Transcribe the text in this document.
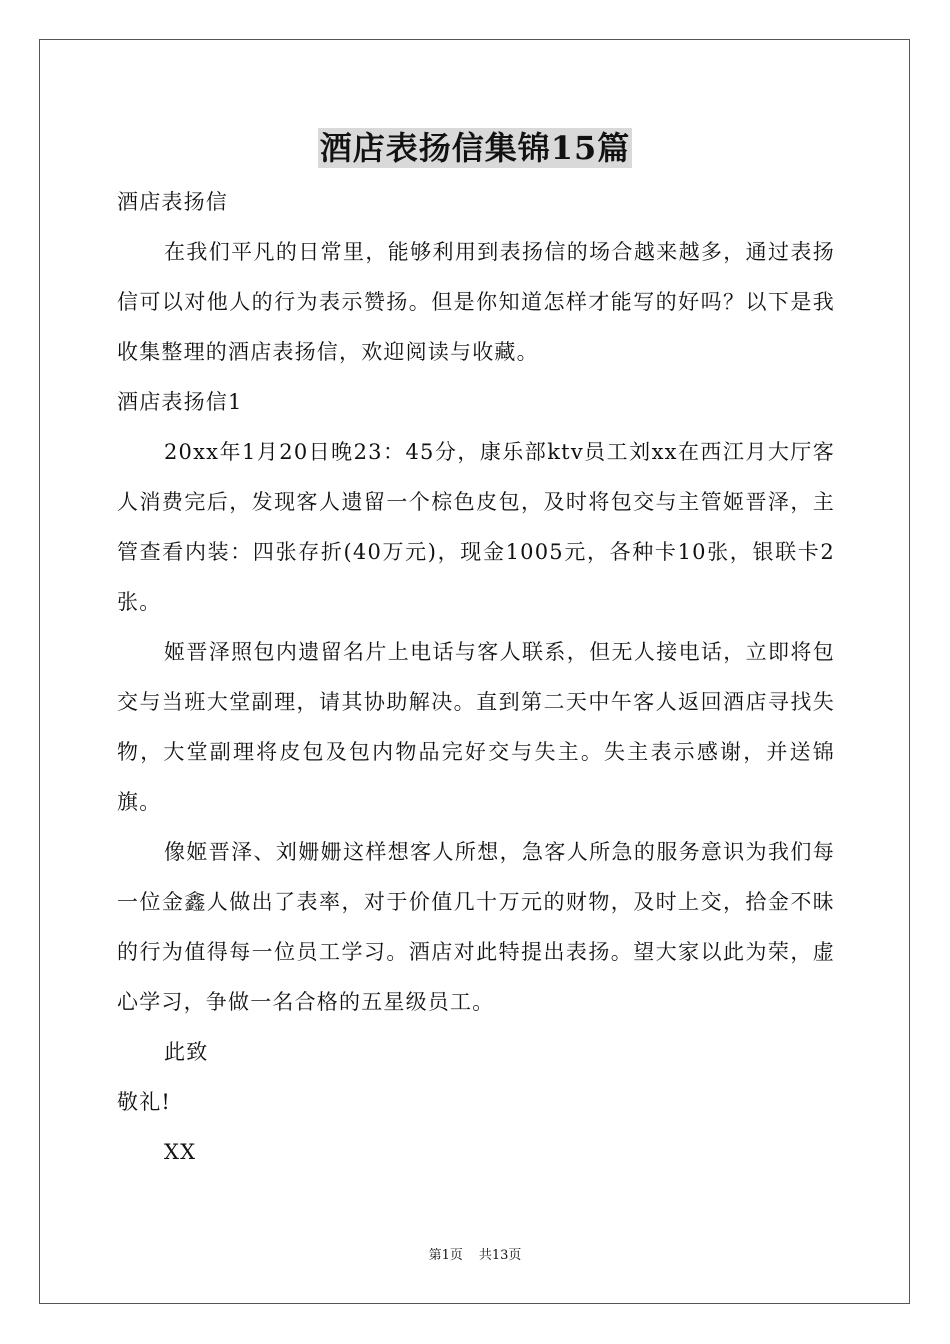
酒店表扬信集锦15篇

酒店表扬信

在我们平凡的日常里，能够利用到表扬信的场合越来越多，通过表扬信可以对他人的行为表示赞扬。但是你知道怎样才能写的好吗？以下是我收集整理的酒店表扬信，欢迎阅读与收藏。

酒店表扬信1

20xx年1月20日晚23：45分，康乐部ktv员工刘xx在西江月大厅客人消费完后，发现客人遗留一个棕色皮包，及时将包交与主管姬晋泽，主管查看内装：四张存折(40万元)，现金1005元，各种卡10张，银联卡2张。

姬晋泽照包内遗留名片上电话与客人联系，但无人接电话，立即将包交与当班大堂副理，请其协助解决。直到第二天中午客人返回酒店寻找失物，大堂副理将皮包及包内物品完好交与失主。失主表示感谢，并送锦旗。

像姬晋泽、刘姗姗这样想客人所想，急客人所急的服务意识为我们每一位金鑫人做出了表率，对于价值几十万元的财物，及时上交，拾金不昧的行为值得每一位员工学习。酒店对此特提出表扬。望大家以此为荣，虚心学习，争做一名合格的五星级员工。

此致

敬礼!

XX

第1页 共13页
